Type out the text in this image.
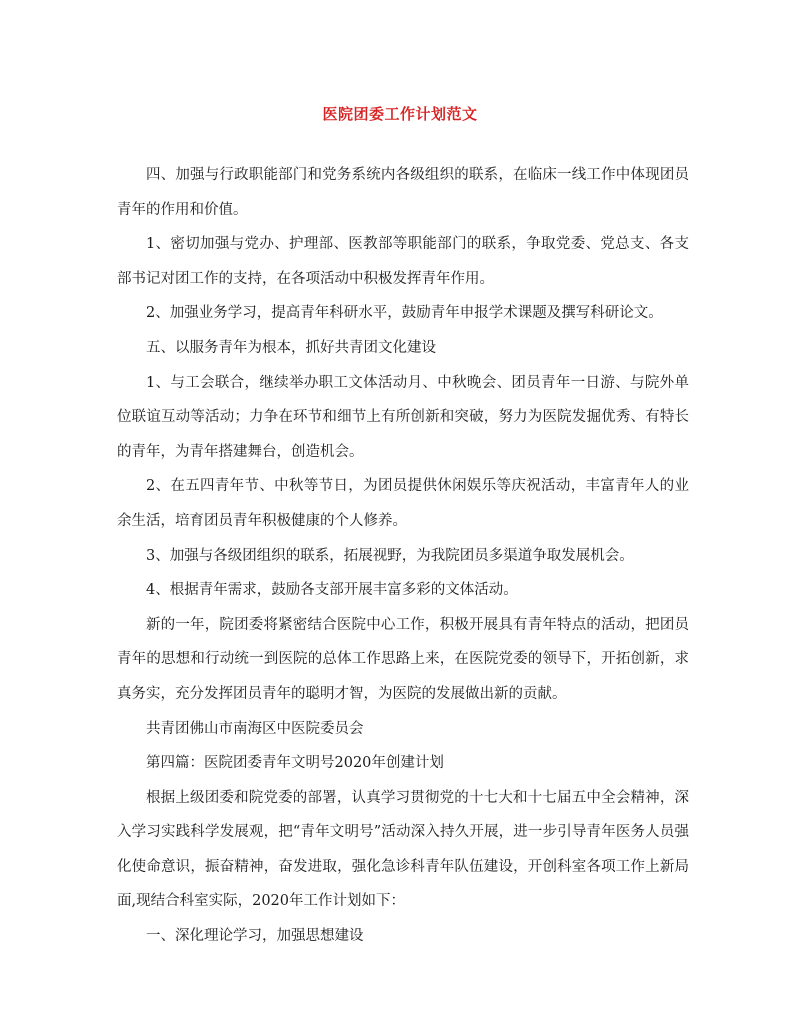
医院团委工作计划范文

四、加强与行政职能部门和党务系统内各级组织的联系，在临床一线工作中体现团员青年的作用和价值。

1、密切加强与党办、护理部、医教部等职能部门的联系，争取党委、党总支、各支部书记对团工作的支持，在各项活动中积极发挥青年作用。

2、加强业务学习，提高青年科研水平，鼓励青年申报学术课题及撰写科研论文。

五、以服务青年为根本，抓好共青团文化建设

1、与工会联合，继续举办职工文体活动月、中秋晚会、团员青年一日游、与院外单位联谊互动等活动；力争在环节和细节上有所创新和突破，努力为医院发掘优秀、有特长的青年，为青年搭建舞台，创造机会。

2、在五四青年节、中秋等节日，为团员提供休闲娱乐等庆祝活动，丰富青年人的业余生活，培育团员青年积极健康的个人修养。

3、加强与各级团组织的联系，拓展视野，为我院团员多渠道争取发展机会。

4、根据青年需求，鼓励各支部开展丰富多彩的文体活动。

新的一年，院团委将紧密结合医院中心工作，积极开展具有青年特点的活动，把团员青年的思想和行动统一到医院的总体工作思路上来，在医院党委的领导下，开拓创新，求真务实，充分发挥团员青年的聪明才智，为医院的发展做出新的贡献。

共青团佛山市南海区中医院委员会

第四篇：医院团委青年文明号2020年创建计划

根据上级团委和院党委的部署，认真学习贯彻党的十七大和十七届五中全会精神，深入学习实践科学发展观，把“青年文明号”活动深入持久开展，进一步引导青年医务人员强化使命意识，振奋精神，奋发进取，强化急诊科青年队伍建设，开创科室各项工作上新局面,现结合科室实际，2020年工作计划如下：

一、深化理论学习，加强思想建设
